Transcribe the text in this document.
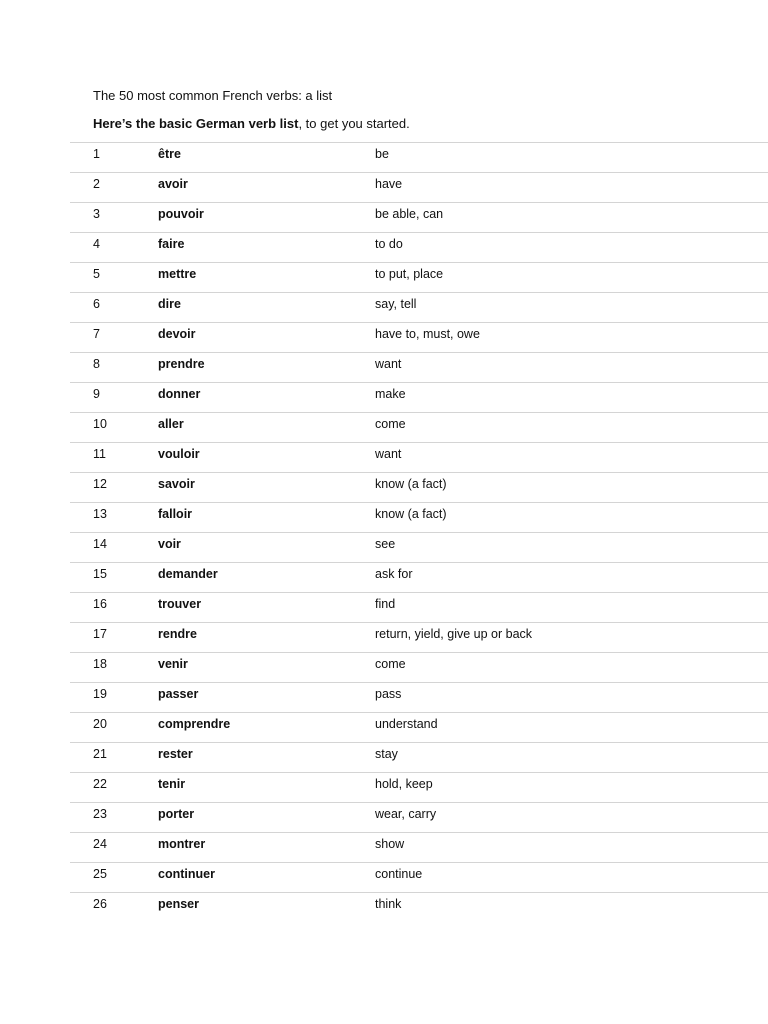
The 50 most common French verbs: a list
Here’s the basic German verb list, to get you started.
1	être	be
2	avoir	have
3	pouvoir	be able, can
4	faire	to do
5	mettre	to put, place
6	dire	say, tell
7	devoir	have to, must, owe
8	prendre	want
9	donner	make
10	aller	come
11	vouloir	want
12	savoir	know (a fact)
13	falloir	know (a fact)
14	voir	see
15	demander	ask for
16	trouver	find
17	rendre	return, yield, give up or back
18	venir	come
19	passer	pass
20	comprendre	understand
21	rester	stay
22	tenir	hold, keep
23	porter	wear, carry
24	montrer	show
25	continuer	continue
26	penser	think
